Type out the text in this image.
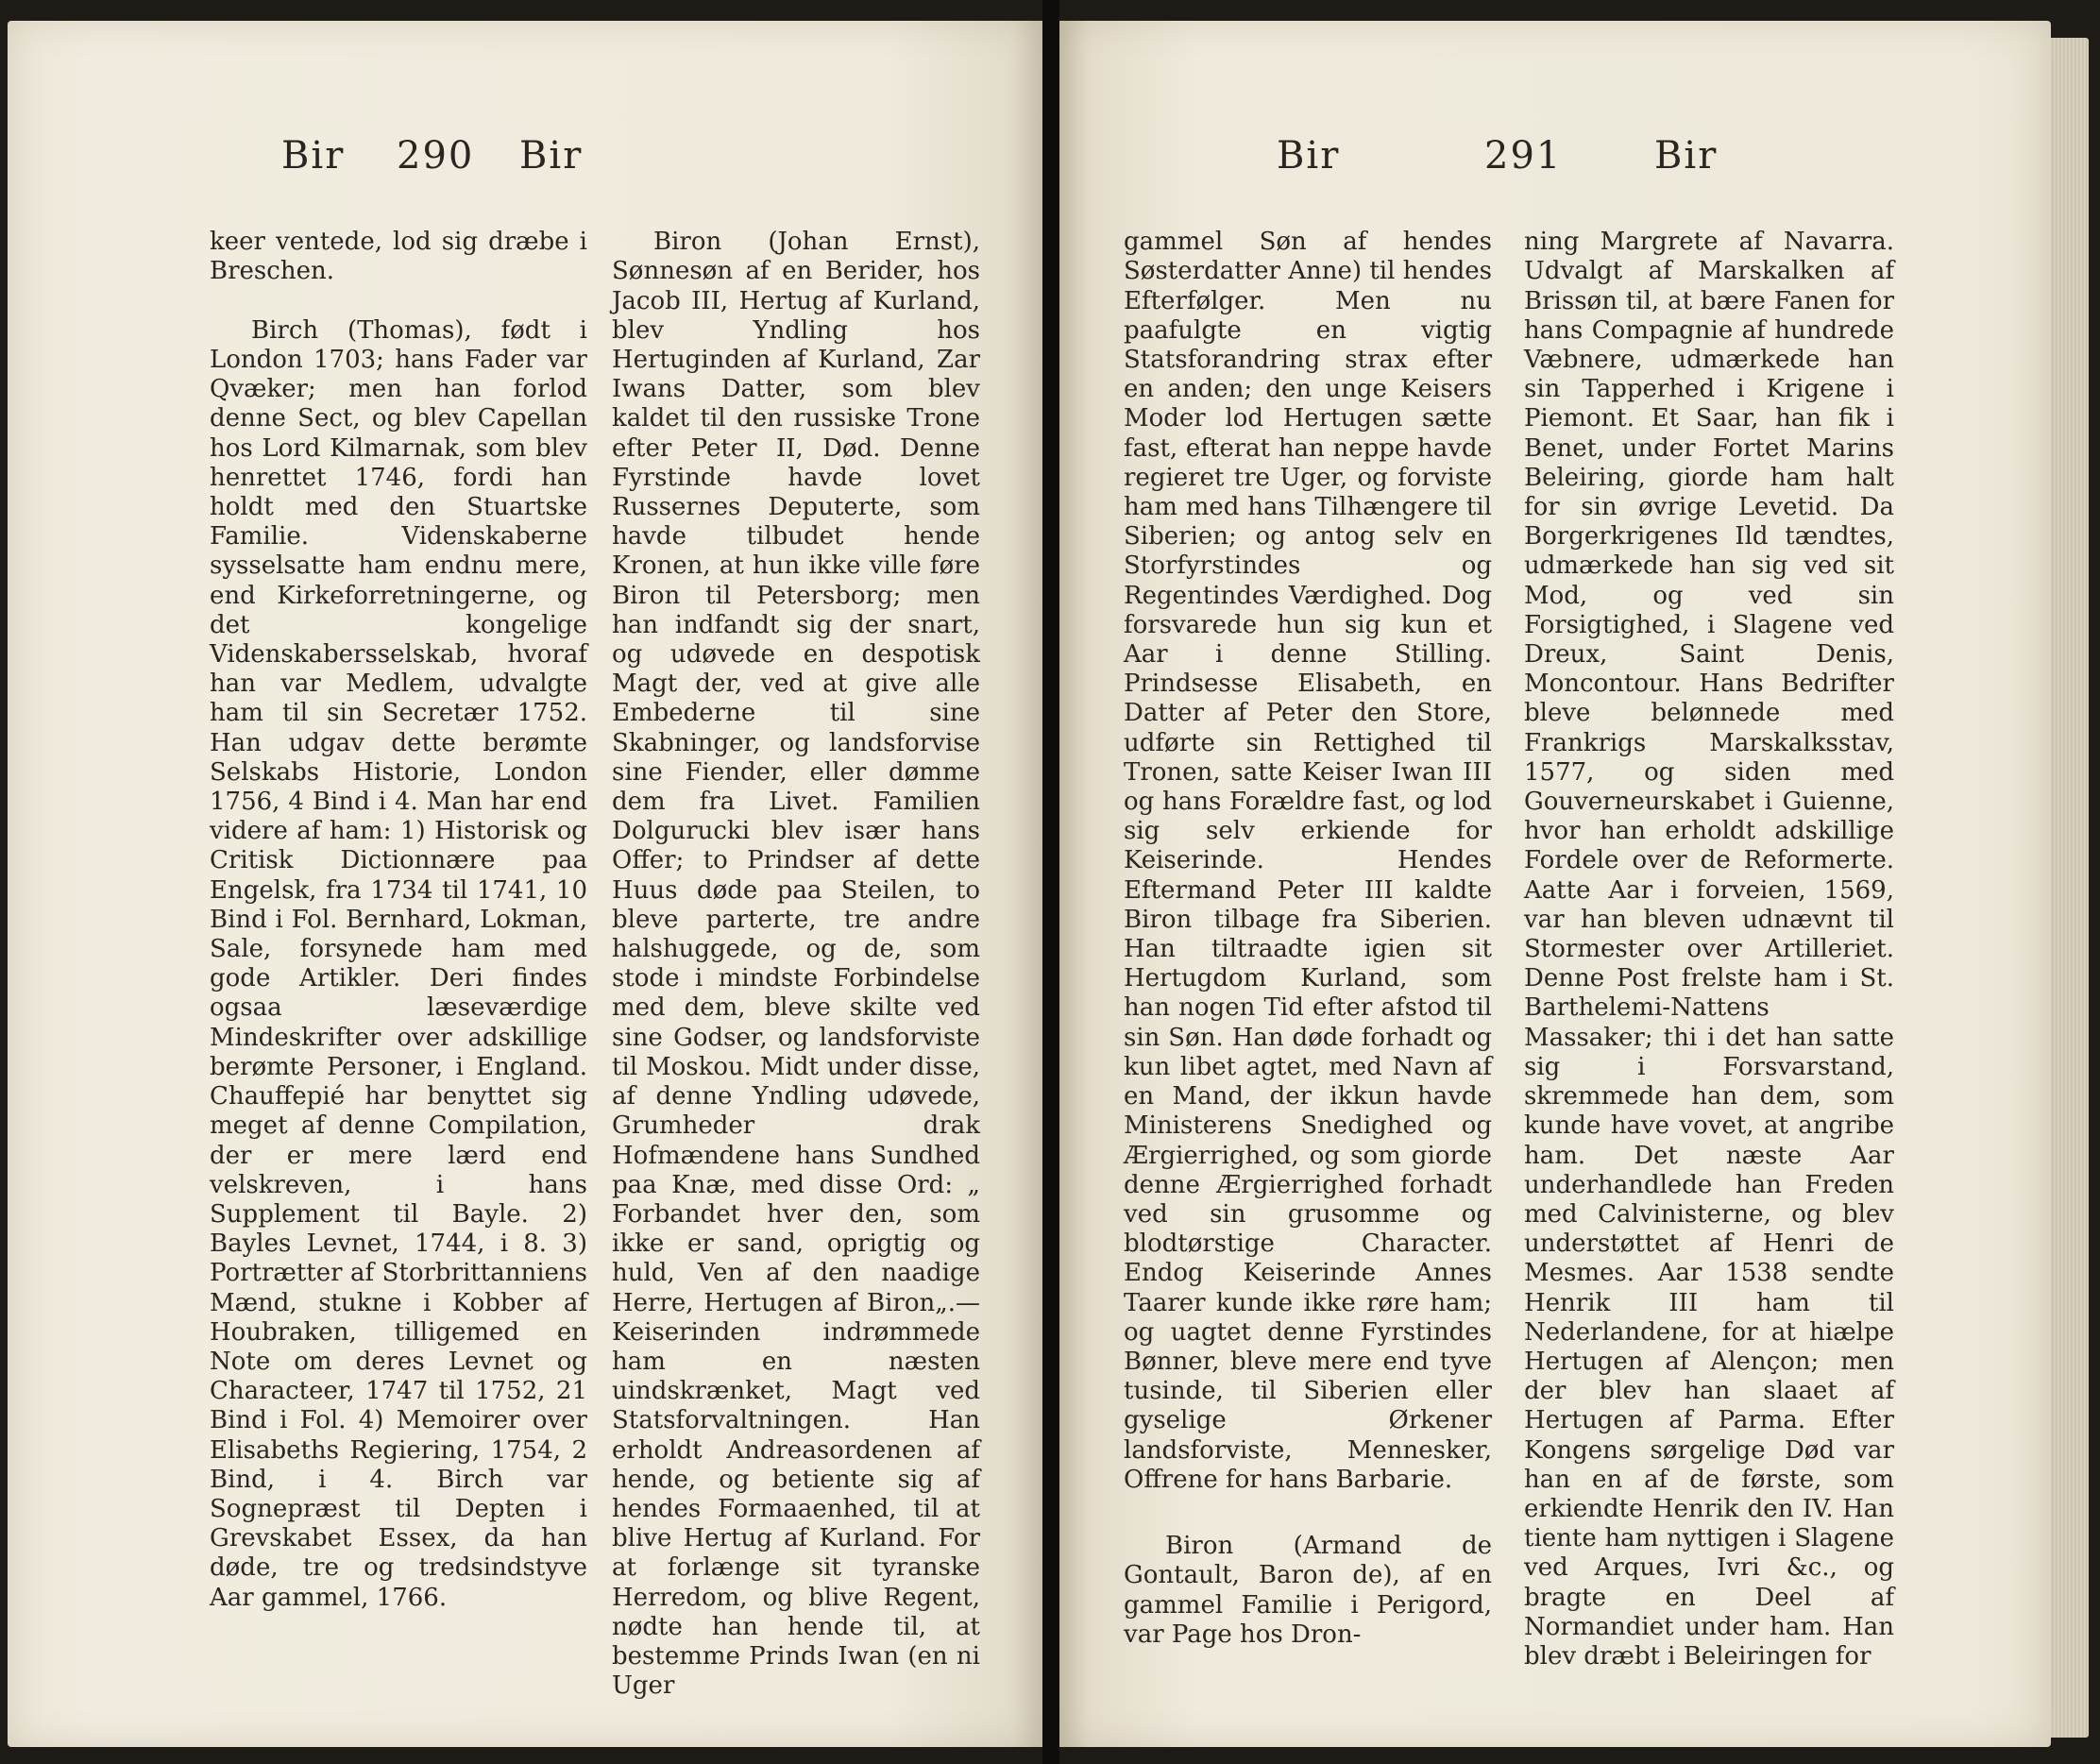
Bir 290 Bir	Bir	291 Bir

keer ventede, lod sig dræbe i Breschen.

Birch (Thomas), født i London 1703; hans Fader var Qvæker; men han forlod denne Sect, og blev Capellan hos Lord Kilmarnak, som blev henrettet 1746, fordi han holdt med den Stuartske Familie. Videnskaberne sysselsatte ham endnu mere, end Kirkeforretningerne, og det kongelige Videnskabersselskab, hvoraf han var Medlem, udvalgte ham til sin Secretær 1752. Han udgav dette berømte Selskabs Historie, London 1756, 4 Bind i 4. Man har end videre af ham: 1) Historisk og Critisk Dictionnære paa Engelsk, fra 1734 til 1741, 10 Bind i Fol. Bernhard, Lokman, Sale, forsynede ham med gode Artikler. Deri findes ogsaa læseværdige Mindeskrifter over adskillige berømte Personer, i England. Chauffepié har benyttet sig meget af denne Compilation, der er mere lærd end velskreven, i hans Supplement til Bayle. 2) Bayles Levnet, 1744, i 8. 3) Portrætter af Storbrittanniens Mænd, stukne i Kobber af Houbraken, tilligemed en Note om deres Levnet og Characteer, 1747 til 1752, 21 Bind i Fol. 4) Memoirer over Elisabeths Regiering, 1754, 2 Bind, i 4. Birch var Sognepræst til Depten i Grevskabet Essex, da han døde, tre og tredsindstyve Aar gammel, 1766.

Biron (Johan Ernst), Sønnesøn af en Berider, hos Jacob III, Hertug af Kurland, blev Yndling hos Hertuginden af Kurland, Zar Iwans Datter, som blev kaldet til den russiske Trone efter Peter II, Død. Denne Fyrstinde havde lovet Russernes Deputerte, som havde tilbudet hende Kronen, at hun ikke ville føre Biron til Petersborg; men han indfandt sig der snart, og udøvede en despotisk Magt der, ved at give alle Embederne til sine Skabninger, og landsforvise sine Fiender, eller dømme dem fra Livet. Familien Dolgurucki blev især hans Offer; to Prindser af dette Huus døde paa Steilen, to bleve parterte, tre andre halshuggede, og de, som stode i mindste Forbindelse med dem, bleve skilte ved sine Godser, og landsforviste til Moskou. Midt under disse, af denne Yndling udøvede, Grumheder drak Hofmændene hans Sundhed paa Knæ, med disse Ord: „ Forbandet hver den, som ikke er sand, oprigtig og huld, Ven af den naadige Herre, Hertugen af Biron„.— Keiserinden indrømmede ham en næsten uindskrænket, Magt ved Statsforvaltningen. Han erholdt Andreasordenen af hende, og betiente sig af hendes Formaaenhed, til at blive Hertug af Kurland. For at forlænge sit tyranske Herredom, og blive Regent, nødte han hende til, at bestemme Prinds Iwan (en ni Uger

gammel Søn af hendes Søsterdatter Anne) til hendes Efterfølger. Men nu paafulgte en vigtig Statsforandring strax efter en anden; den unge Keisers Moder lod Hertugen sætte fast, efterat han neppe havde regieret tre Uger, og forviste ham med hans Tilhængere til Siberien; og antog selv en Storfyrstindes og Regentindes Værdighed. Dog forsvarede hun sig kun et Aar i denne Stilling. Prindsesse Elisabeth, en Datter af Peter den Store, udførte sin Rettighed til Tronen, satte Keiser Iwan III og hans Forældre fast, og lod sig selv erkiende for Keiserinde. Hendes Eftermand Peter III kaldte Biron tilbage fra Siberien. Han tiltraadte igien sit Hertugdom Kurland, som han nogen Tid efter afstod til sin Søn. Han døde forhadt og kun libet agtet, med Navn af en Mand, der ikkun havde Ministerens Snedighed og Ærgierrighed, og som giorde denne Ærgierrighed forhadt ved sin grusomme og blodtørstige Character. Endog Keiserinde Annes Taarer kunde ikke røre ham; og uagtet denne Fyrstindes Bønner, bleve mere end tyve tusinde, til Siberien eller gyselige Ørkener landsforviste, Mennesker, Offrene for hans Barbarie.

Biron (Armand de Gontault, Baron de), af en gammel Familie i Perigord, var Page hos Dron-

ning Margrete af Navarra. Udvalgt af Marskalken af Brissøn til, at bære Fanen for hans Compagnie af hundrede Væbnere, udmærkede han sin Tapperhed i Krigene i Piemont. Et Saar, han fik i Benet, under Fortet Marins Beleiring, giorde ham halt for sin øvrige Levetid. Da Borgerkrigenes Ild tændtes, udmærkede han sig ved sit Mod, og ved sin Forsigtighed, i Slagene ved Dreux, Saint Denis, Moncontour. Hans Bedrifter bleve belønnede med Frankrigs Marskalksstav, 1577, og siden med Gouverneurskabet i Guienne, hvor han erholdt adskillige Fordele over de Reformerte. Aatte Aar i forveien, 1569, var han bleven udnævnt til Stormester over Artilleriet. Denne Post frelste ham i St. Barthelemi-Nattens Massaker; thi i det han satte sig i Forsvarstand, skremmede han dem, som kunde have vovet, at angribe ham. Det næste Aar underhandlede han Freden med Calvinisterne, og blev understøttet af Henri de Mesmes. Aar 1538 sendte Henrik III ham til Nederlandene, for at hiælpe Hertugen af Alençon; men der blev han slaaet af Hertugen af Parma. Efter Kongens sørgelige Død var han en af de første, som erkiendte Henrik den IV. Han tiente ham nyttigen i Slagene ved Arques, Ivri &c., og bragte en Deel af Normandiet under ham. Han blev dræbt i Beleiringen for
